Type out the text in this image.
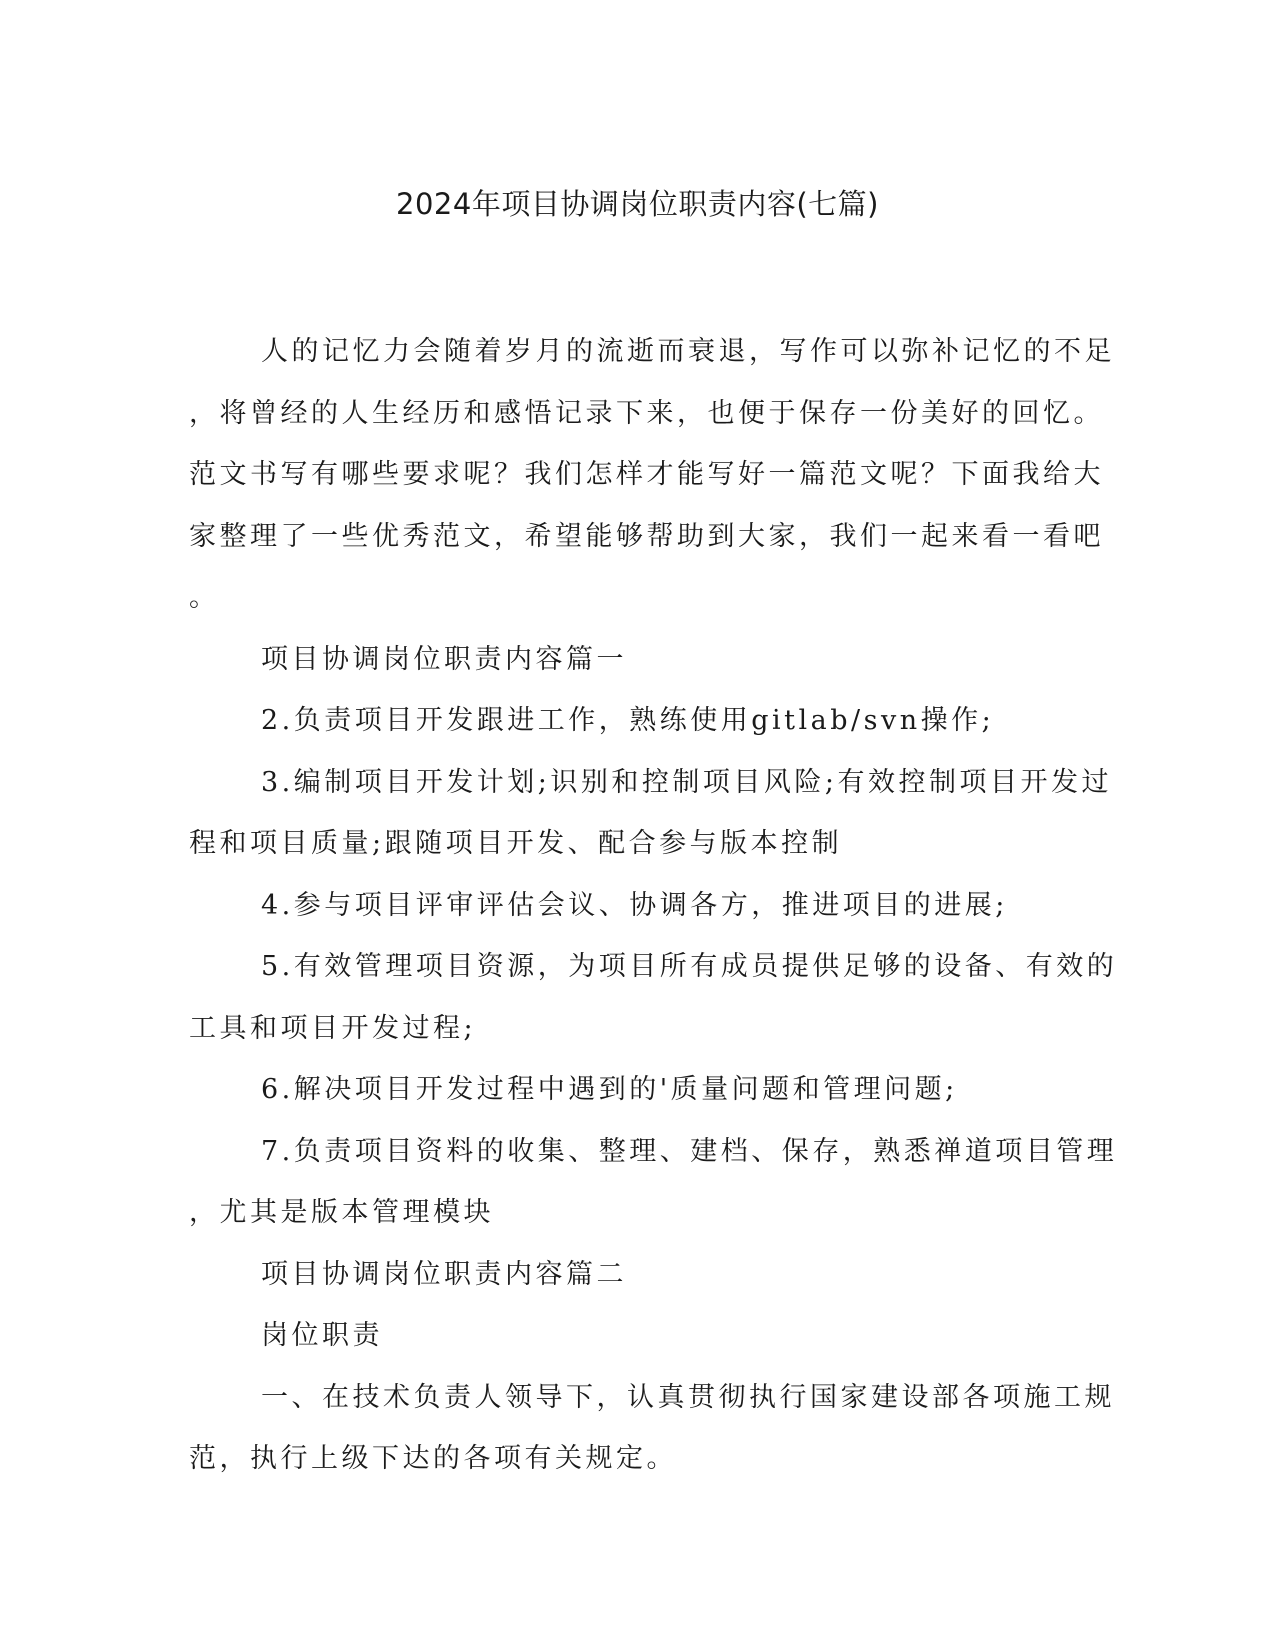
2024年项目协调岗位职责内容(七篇)

人的记忆力会随着岁月的流逝而衰退，写作可以弥补记忆的不足
，将曾经的人生经历和感悟记录下来，也便于保存一份美好的回忆。
范文书写有哪些要求呢？我们怎样才能写好一篇范文呢？下面我给大
家整理了一些优秀范文，希望能够帮助到大家，我们一起来看一看吧
。

项目协调岗位职责内容篇一

2.负责项目开发跟进工作，熟练使用gitlab/svn操作;

3.编制项目开发计划;识别和控制项目风险;有效控制项目开发过
程和项目质量;跟随项目开发、配合参与版本控制

4.参与项目评审评估会议、协调各方，推进项目的进展;

5.有效管理项目资源，为项目所有成员提供足够的设备、有效的
工具和项目开发过程;

6.解决项目开发过程中遇到的'质量问题和管理问题;

7.负责项目资料的收集、整理、建档、保存，熟悉禅道项目管理
，尤其是版本管理模块

项目协调岗位职责内容篇二

岗位职责

一、在技术负责人领导下，认真贯彻执行国家建设部各项施工规
范，执行上级下达的各项有关规定。
